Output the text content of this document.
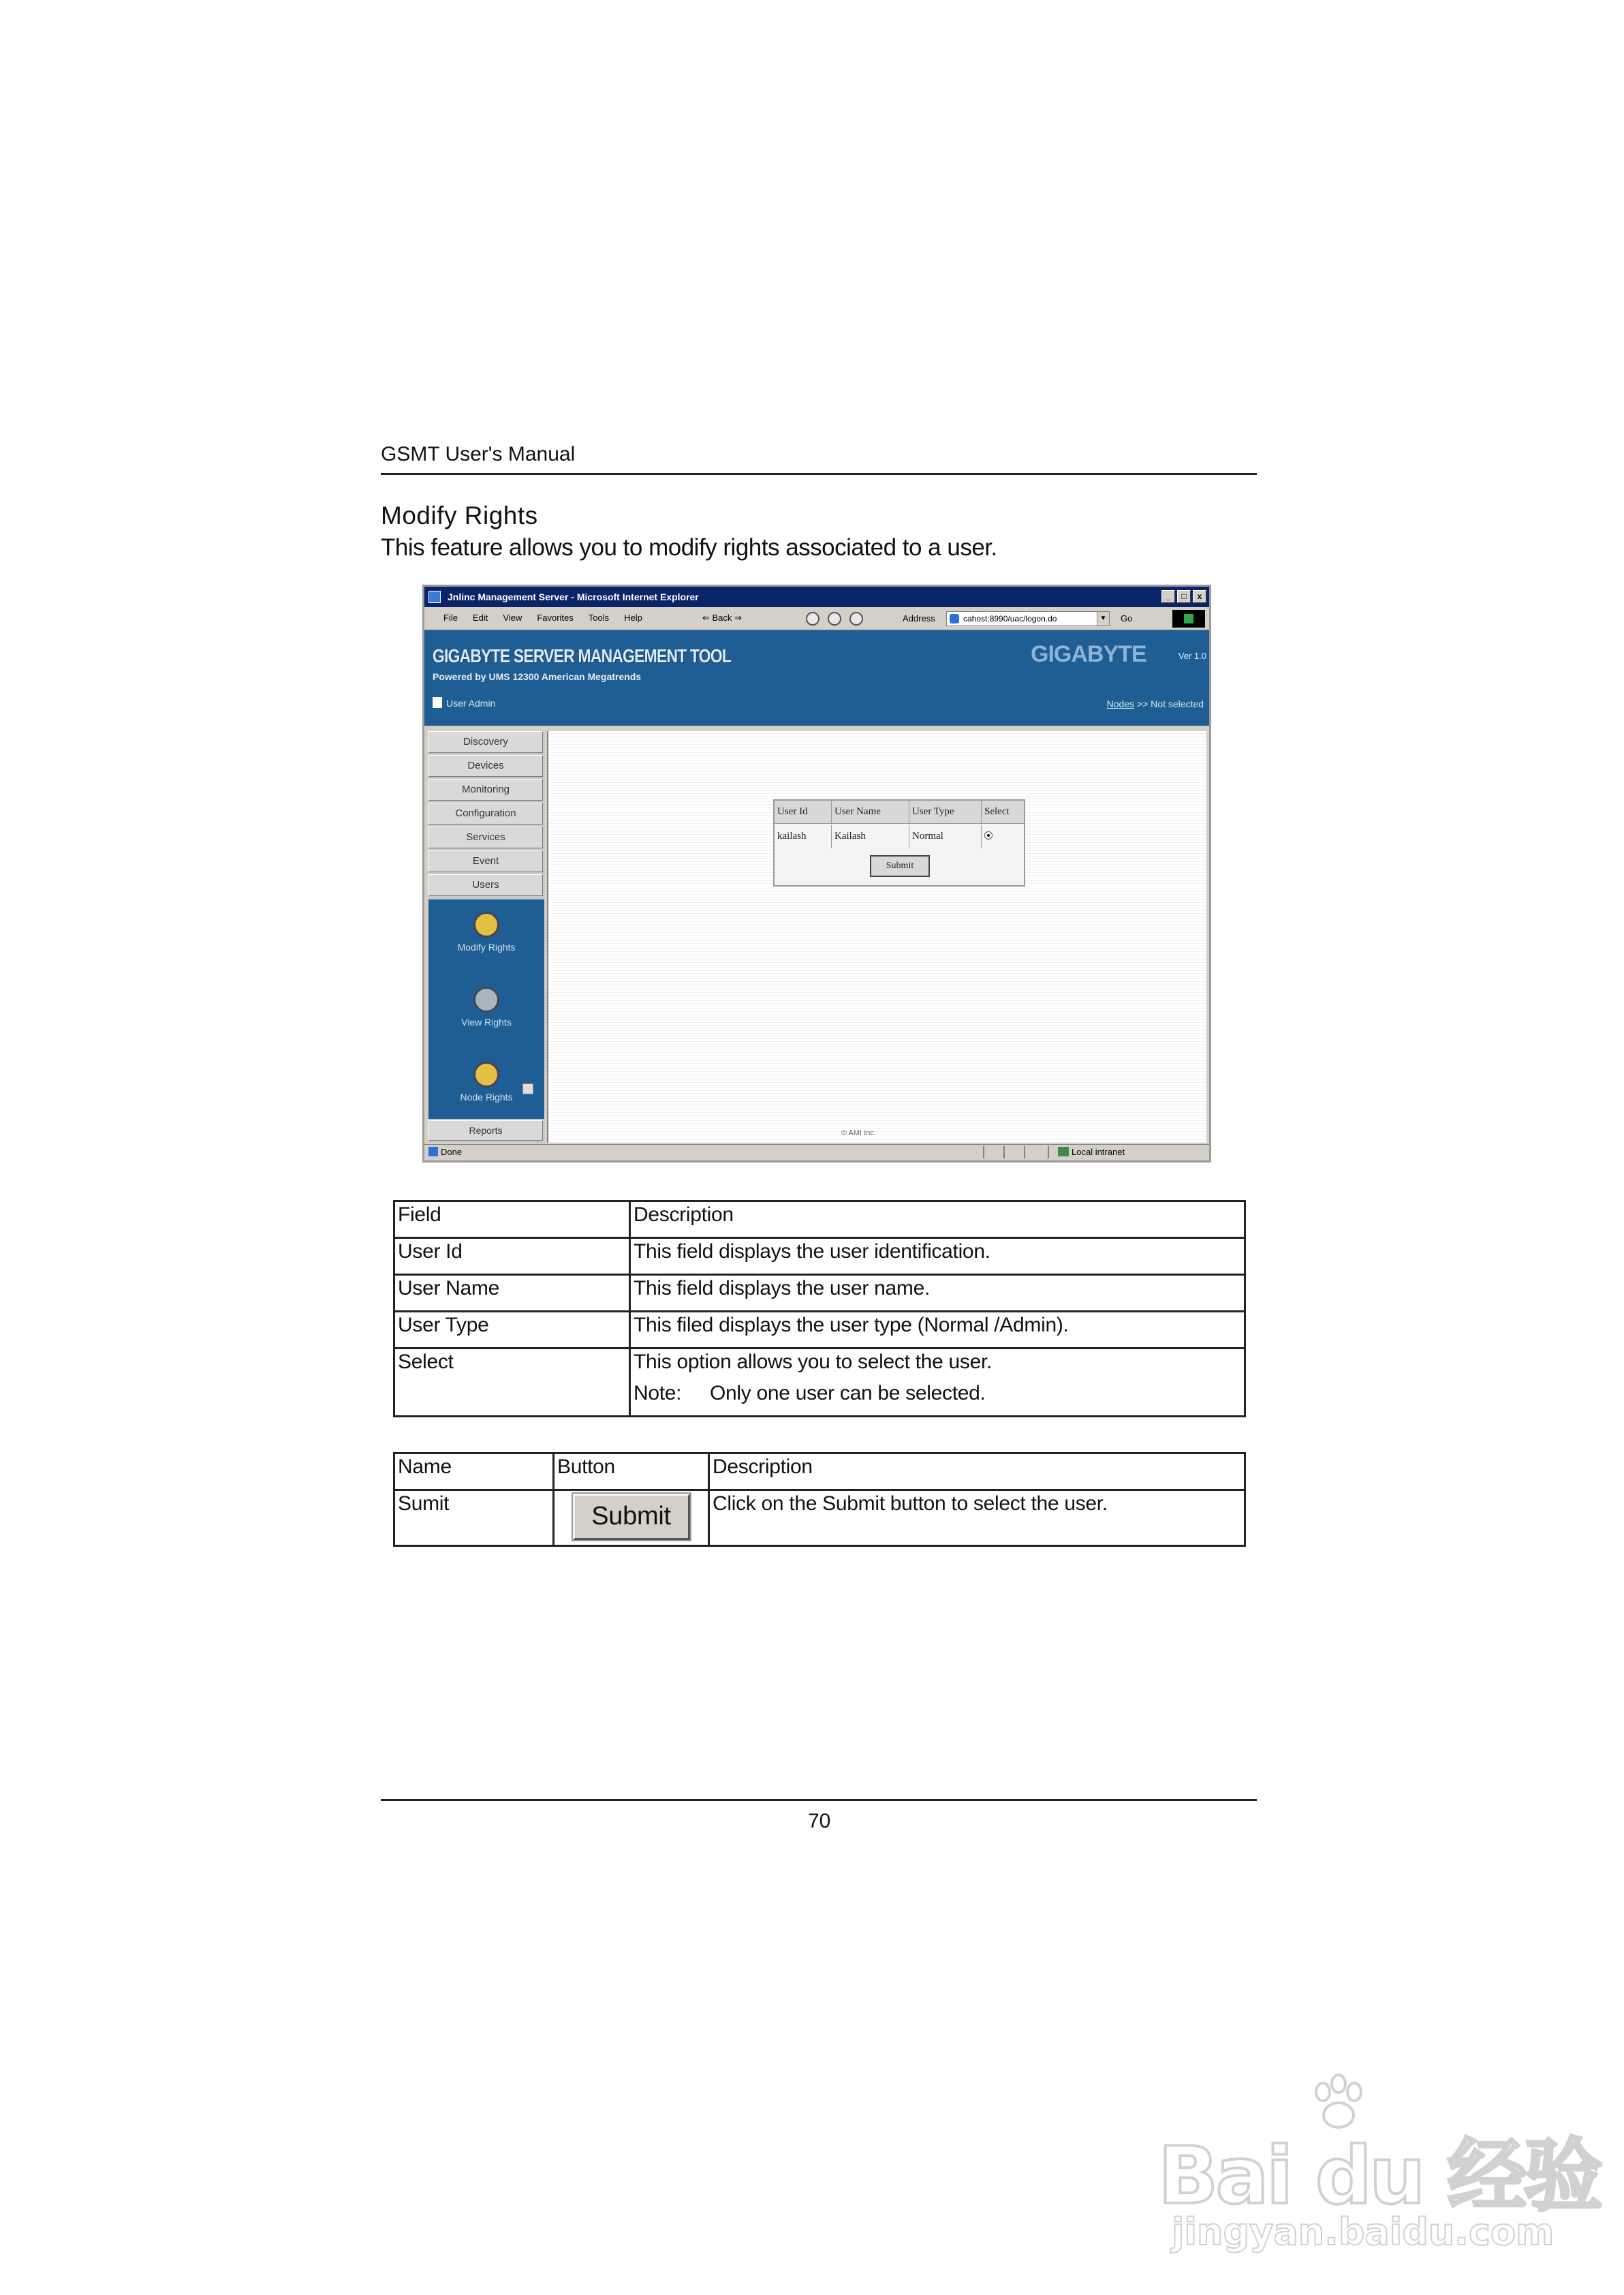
GSMT User's Manual
Modify Rights
This feature allows you to modify rights associated to a user.
Jnlinc Management Server - Microsoft Internet Explorer	_	□	x
File Edit View Favorites Tools Help	⇐ Back ⇒	Address	cahost:8990/uac/logon.do	▼ Go
GIGABYTE SERVER MANAGEMENT TOOL
Powered by UMS 12300 American Megatrends
GIGABYTE	Ver 1.0
User Admin	Nodes >> Not selected
Discovery
Devices
Monitoring
Configuration
Services
Event
Users
Modify Rights
View Rights
Node Rights
Reports
User Id	User Name	User Type	Select
kailash	Kailash	Normal
Submit
© AMI Inc.
Done	Local intranet
Field	Description
User Id	This field displays the user identification.
User Name	This field displays the user name.
User Type	This filed displays the user type (Normal /Admin).
Select	This option allows you to select the user.
Note: Only one user can be selected.
Name	Button	Description
Sumit	Submit	Click on the Submit button to select the user.
70
Bai du 经验
jingyan.baidu.com
